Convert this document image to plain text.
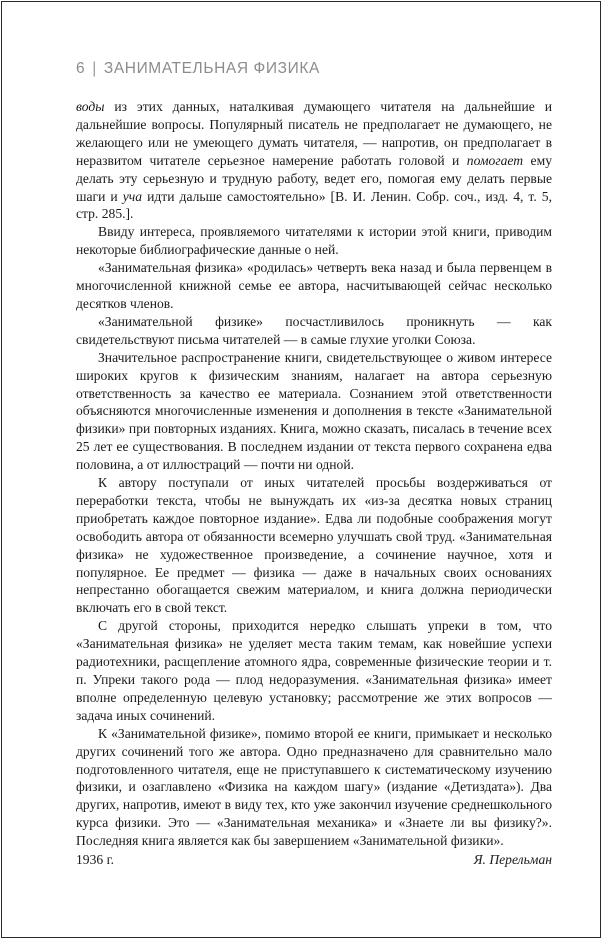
6 | ЗАНИМАТЕЛЬНАЯ ФИЗИКА

воды из этих данных, наталкивая думающего читателя на дальнейшие и дальнейшие вопросы. Популярный писатель не предполагает не думающего, не желающего или не умеющего думать читателя, — напротив, он предполагает в неразвитом читателе серьезное намерение работать головой и помогает ему делать эту серьезную и трудную работу, ведет его, помогая ему делать первые шаги и уча идти дальше самостоятельно» [В. И. Ленин. Собр. соч., изд. 4, т. 5, стр. 285.].

Ввиду интереса, проявляемого читателями к истории этой книги, приводим некоторые библиографические данные о ней.

«Занимательная физика» «родилась» четверть века назад и была первенцем в многочисленной книжной семье ее автора, насчитывающей сейчас несколько десятков членов.

«Занимательной физике» посчастливилось проникнуть — как свидетельствуют письма читателей — в самые глухие уголки Союза.

Значительное распространение книги, свидетельствующее о живом интересе широких кругов к физическим знаниям, налагает на автора серьезную ответственность за качество ее материала. Сознанием этой ответственности объясняются многочисленные изменения и дополнения в тексте «Занимательной физики» при повторных изданиях. Книга, можно сказать, писалась в течение всех 25 лет ее существования. В последнем издании от текста первого сохранена едва половина, а от иллюстраций — почти ни одной.

К автору поступали от иных читателей просьбы воздерживаться от переработки текста, чтобы не вынуждать их «из-за десятка новых страниц приобретать каждое повторное издание». Едва ли подобные соображения могут освободить автора от обязанности всемерно улучшать свой труд. «Занимательная физика» не художественное произведение, а сочинение научное, хотя и популярное. Ее предмет — физика — даже в начальных своих основаниях непрестанно обогащается свежим материалом, и книга должна периодически включать его в свой текст.

С другой стороны, приходится нередко слышать упреки в том, что «Занимательная физика» не уделяет места таким темам, как новейшие успехи радиотехники, расщепление атомного ядра, современные физические теории и т. п. Упреки такого рода — плод недоразумения. «Занимательная физика» имеет вполне определенную целевую установку; рассмотрение же этих вопросов — задача иных сочинений.

К «Занимательной физике», помимо второй ее книги, примыкает и несколько других сочинений того же автора. Одно предназначено для сравнительно мало подготовленного читателя, еще не приступавшего к систематическому изучению физики, и озаглавлено «Физика на каждом шагу» (издание «Детиздата»). Два других, напротив, имеют в виду тех, кто уже закончил изучение среднешкольного курса физики. Это — «Занимательная механика» и «Знаете ли вы физику?». Последняя книга является как бы завершением «Занимательной физики».

1936 г.	Я. Перельман
